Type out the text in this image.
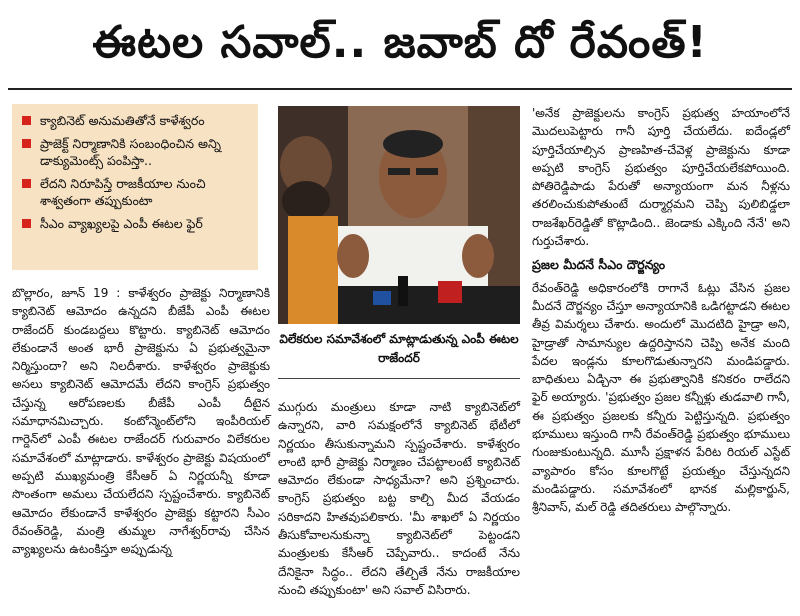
ఈటల సవాల్.. జవాబ్ దో రేవంత్!
క్యాబినెట్ అనుమతితోనే కాళేశ్వరం
ప్రాజెక్ట్ నిర్మాణానికి సంబంధించిన అన్ని డాక్యుమెంట్స్ పంపిస్తా..
లేదని నిరూపిస్తే రాజకీయాల నుంచి శాశ్వతంగా తప్పుకుంటా
సీఎం వ్యాఖ్యలపై ఎంపీ ఈటల ఫైర్
విలేకరుల సమావేశంలో మాట్లాడుతున్న ఎంపీ ఈటల రాజేందర్

బొల్లారం, జూన్ 19 : కాళేశ్వరం ప్రాజెక్టు నిర్మాణానికి క్యాబినెట్ ఆమోదం ఉన్నదని బీజేపీ ఎంపీ ఈటల రాజేందర్ కుండబద్దలు కొట్టారు. క్యాబినెట్ ఆమోదం లేకుండానే అంత భారీ ప్రాజెక్టును ఏ ప్రభుత్వమైనా నిర్మిస్తుందా? అని నిలదీశారు. కాళేశ్వరం ప్రాజెక్టుకు అసలు క్యాబినెట్ ఆమోదమే లేదని కాంగ్రెస్ ప్రభుత్వం చేస్తున్న ఆరోపణలకు బీజేపీ ఎంపీ దీటైన సమాధానమిచ్చారు. కంటోన్మెంట్‌లోని ఇంపీరియల్ గార్డెన్‌లో ఎంపీ ఈటల రాజేందర్ గురువారం విలేకరుల సమావేశంలో మాట్లాడారు. కాళేశ్వరం ప్రాజెక్టు విషయంలో అప్పటి ముఖ్యమంత్రి కేసీఆర్ ఏ నిర్ణయన్నీ కూడా సొంతంగా అమలు చేయలేదని స్పష్టంచేశారు. క్యాబినెట్ ఆమోదం లేకుండానే కాళేశ్వరం ప్రాజెక్టు కట్టారని సీఎం రేవంత్‌రెడ్డి, మంత్రి తుమ్మల నాగేశ్వర్‌రావు చేసిన వ్యాఖ్యలను ఉటంకిస్తూ అప్పుడున్న

ముగ్గురు మంత్రులు కూడా నాటి క్యాబినెట్‌లో ఉన్నారని, వారి సమక్షంలోనే క్యాబినెట్ భేటీలో నిర్ణయం తీసుకున్నామని స్పష్టంచేశారు. కాళేశ్వరం లాంటి భారీ ప్రాజెక్టు నిర్మాణం చేపట్టాలంటే క్యాబినెట్ ఆమోదం లేకుండా సాధ్యమేనా? అని ప్రశ్నించారు. కాంగ్రెస్ ప్రభుత్వం బట్ట కాల్చి మీద వేయడం సరికాదని హితవుపలికారు. 'మీ శాఖలో ఏ నిర్ణయం తీసుకోవాలనుకున్నా క్యాబినెట్‌లో పెట్టండని మంత్రులకు కేసీఆర్ చెప్పేవారు.. కాదంటే నేను దేనికైనా సిద్ధం.. లేదని తేల్చితే నేను రాజకీయాల నుంచి తప్పుకుంటా' అని సవాల్ విసిరారు.

'అనేక ప్రాజెక్టులను కాంగ్రెస్ ప్రభుత్వ హయాంలోనే మొదలుపెట్టారు గానీ పూర్తి చేయలేదు. ఐదేండ్లలో పూర్తిచేయాల్సిన ప్రాణహిత-చేవెళ్ల ప్రాజెక్టును కూడా అప్పటి కాంగ్రెస్ ప్రభుత్వం పూర్తిచేయలేకపోయింది. పోతిరెడ్డిపాడు పేరుతో అన్యాయంగా మన నీళ్లను తరలించుకుపోతుంటే దుర్మార్గమని చెప్పి పులిబిడ్డలా రాజశేఖర్‌రెడ్డితో కొట్లాడింది.. జెండాకు ఎక్కింది నేనే' అని గుర్తుచేశారు.

ప్రజల మీదనే సీఎం దౌర్జన్యం

రేవంత్‌రెడ్డి అధికారంలోకి రాగానే ఓట్లు వేసిన ప్రజల మీదనే దౌర్జన్యం చేస్తూ అన్యాయానికి ఒడిగట్టాడని ఈటల తీవ్ర విమర్శలు చేశారు. అందులో మొదటిది హైడ్రా అని, హైడ్రాతో సామాన్యుల ఉద్దరిస్తానని చెప్పి అనేక మంది పేదల ఇండ్లను కూలగొడుతున్నారని మండిపడ్డారు. బాధితులు ఏడ్చినా ఈ ప్రభుత్వానికి కనికరం రాలేదని ఫైర్ అయ్యారు. 'ప్రభుత్వం ప్రజల కన్నీళ్లు తుడవాలి గానీ, ఈ ప్రభుత్వం ప్రజలకు కన్నీరు పెట్టిస్తున్నది. ప్రభుత్వం భూములు ఇస్తుంది గానీ రేవంత్‌రెడ్డి ప్రభుత్వం భూములు గుంజుకుంటున్నది. మూసీ ప్రక్షాళన పేరిట రియల్ ఎస్టేట్ వ్యాపారం కోసం కూలగొట్టే ప్రయత్నం చేస్తున్నదని మండిపడ్డారు. సమావేశంలో భానక మల్లికార్జున్, శ్రీనివాస్, మల్ రెడ్డి తదితరులు పాల్గొన్నారు.
